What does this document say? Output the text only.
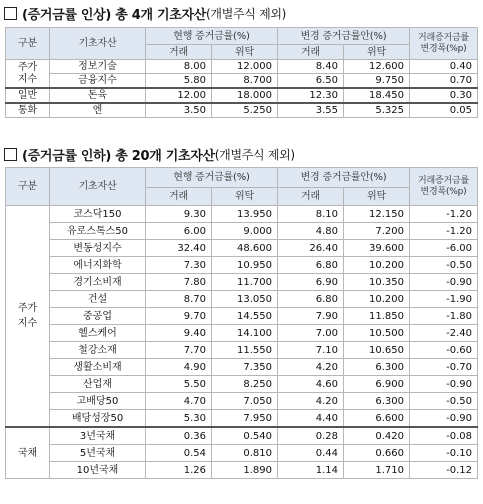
(증거금률 인상) 총 4개 기초자산 (개별주식 제외)
구분	기초자산	현행 증거금률(%)		변경 증거금률안(%)		거래증거금률 변경폭(%p)
		거래	위탁	거래	위탁	
주가
지수	정보기술	8.00	12.000	8.40	12.600	0.40
	금융지수	5.80	8.700	6.50	9.750	0.70
일반	돈육	12.00	18.000	12.30	18.450	0.30
통화	엔	3.50	5.250	3.55	5.325	0.05
(증거금률 인하) 총 20개 기초자산 (개별주식 제외)
구분	기초자산	현행 증거금률(%)		변경 증거금률안(%)		거래증거금률 변경폭(%p)
		거래	위탁	거래	위탁	
주가
지수	코스닥150	9.30	13.950	8.10	12.150	-1.20
	유로스톡스50	6.00	9.000	4.80	7.200	-1.20
	변동성지수	32.40	48.600	26.40	39.600	-6.00
	에너지화학	7.30	10.950	6.80	10.200	-0.50
	경기소비재	7.80	11.700	6.90	10.350	-0.90
	건설	8.70	13.050	6.80	10.200	-1.90
	중공업	9.70	14.550	7.90	11.850	-1.80
	헬스케어	9.40	14.100	7.00	10.500	-2.40
	철강소재	7.70	11.550	7.10	10.650	-0.60
	생활소비재	4.90	7.350	4.20	6.300	-0.70
	산업재	5.50	8.250	4.60	6.900	-0.90
	고배당50	4.70	7.050	4.20	6.300	-0.50
	배당성장50	5.30	7.950	4.40	6.600	-0.90
국채	3년국채	0.36	0.540	0.28	0.420	-0.08
	5년국채	0.54	0.810	0.44	0.660	-0.10
	10년국채	1.26	1.890	1.14	1.710	-0.12
